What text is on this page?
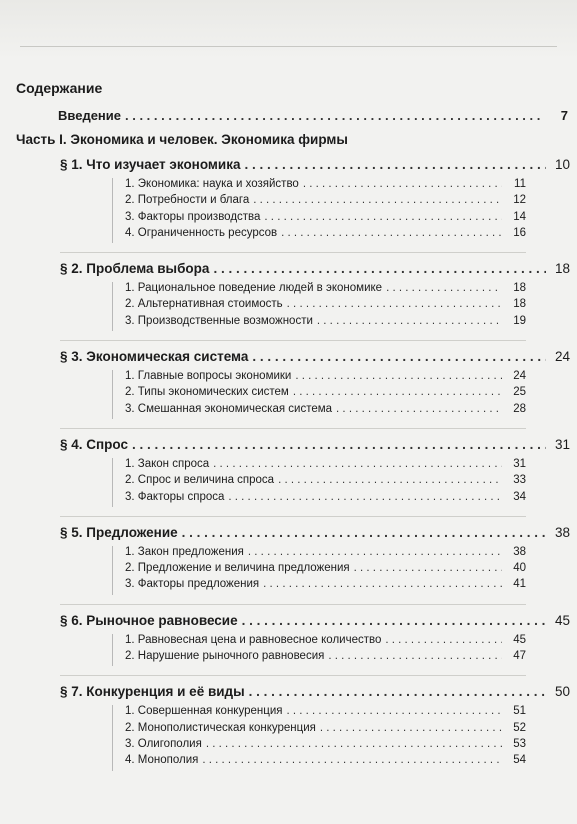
Содержание
Введение . . .	7
Часть I. Экономика и человек. Экономика фирмы
§ 1. Что изучает экономика . . .	10
1. Экономика: наука и хозяйство . . .	11
2. Потребности и блага . . .	12
3. Факторы производства . . .	14
4. Ограниченность ресурсов . . .	16
§ 2. Проблема выбора . . .	18
1. Рациональное поведение людей в экономике . . .	18
2. Альтернативная стоимость . . .	18
3. Производственные возможности . . .	19
§ 3. Экономическая система . . .	24
1. Главные вопросы экономики . . .	24
2. Типы экономических систем . . .	25
3. Смешанная экономическая система . . .	28
§ 4. Спрос . . .	31
1. Закон спроса . . .	31
2. Спрос и величина спроса . . .	33
3. Факторы спроса . . .	34
§ 5. Предложение . . .	38
1. Закон предложения . . .	38
2. Предложение и величина предложения . . .	40
3. Факторы предложения . . .	41
§ 6. Рыночное равновесие . . .	45
1. Равновесная цена и равновесное количество . . .	45
2. Нарушение рыночного равновесия . . .	47
§ 7. Конкуренция и её виды . . .	50
1. Совершенная конкуренция . . .	51
2. Монополистическая конкуренция . . .	52
3. Олигополия . . .	53
4. Монополия . . .	54
